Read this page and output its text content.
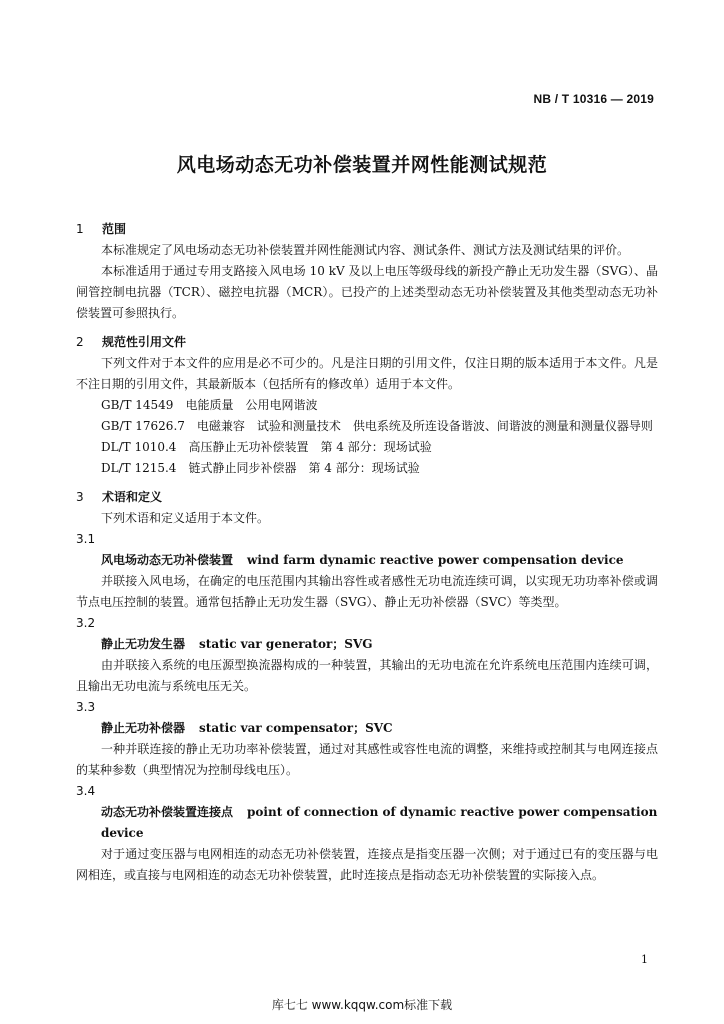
NB / T 10316 — 2019
风电场动态无功补偿装置并网性能测试规范
1 范围

本标准规定了风电场动态无功补偿装置并网性能测试内容、测试条件、测试方法及测试结果的评价。

本标准适用于通过专用支路接入风电场 10 kV 及以上电压等级母线的新投产静止无功发生器（SVG）、晶闸管控制电抗器（TCR）、磁控电抗器（MCR）。已投产的上述类型动态无功补偿装置及其他类型动态无功补偿装置可参照执行。

2 规范性引用文件

下列文件对于本文件的应用是必不可少的。凡是注日期的引用文件，仅注日期的版本适用于本文件。凡是不注日期的引用文件，其最新版本（包括所有的修改单）适用于本文件。

GB/T 14549　电能质量　公用电网谐波

GB/T 17626.7　电磁兼容　试验和测量技术　供电系统及所连设备谐波、间谐波的测量和测量仪器导则

DL/T 1010.4　高压静止无功补偿装置　第 4 部分：现场试验

DL/T 1215.4　链式静止同步补偿器　第 4 部分：现场试验

3 术语和定义

下列术语和定义适用于本文件。

3.1

风电场动态无功补偿装置 wind farm dynamic reactive power compensation device

并联接入风电场，在确定的电压范围内其输出容性或者感性无功电流连续可调，以实现无功功率补偿或调节点电压控制的装置。通常包括静止无功发生器（SVG）、静止无功补偿器（SVC）等类型。

3.2

静止无功发生器 static var generator；SVG

由并联接入系统的电压源型换流器构成的一种装置，其输出的无功电流在允许系统电压范围内连续可调，且输出无功电流与系统电压无关。

3.3

静止无功补偿器 static var compensator；SVC

一种并联连接的静止无功功率补偿装置，通过对其感性或容性电流的调整，来维持或控制其与电网连接点的某种参数（典型情况为控制母线电压）。

3.4

动态无功补偿装置连接点 point of connection of dynamic reactive power compensation device

对于通过变压器与电网相连的动态无功补偿装置，连接点是指变压器一次侧；对于通过已有的变压器与电网相连，或直接与电网相连的动态无功补偿装置，此时连接点是指动态无功补偿装置的实际接入点。

1
库七七 www.kqqw.com标准下载
